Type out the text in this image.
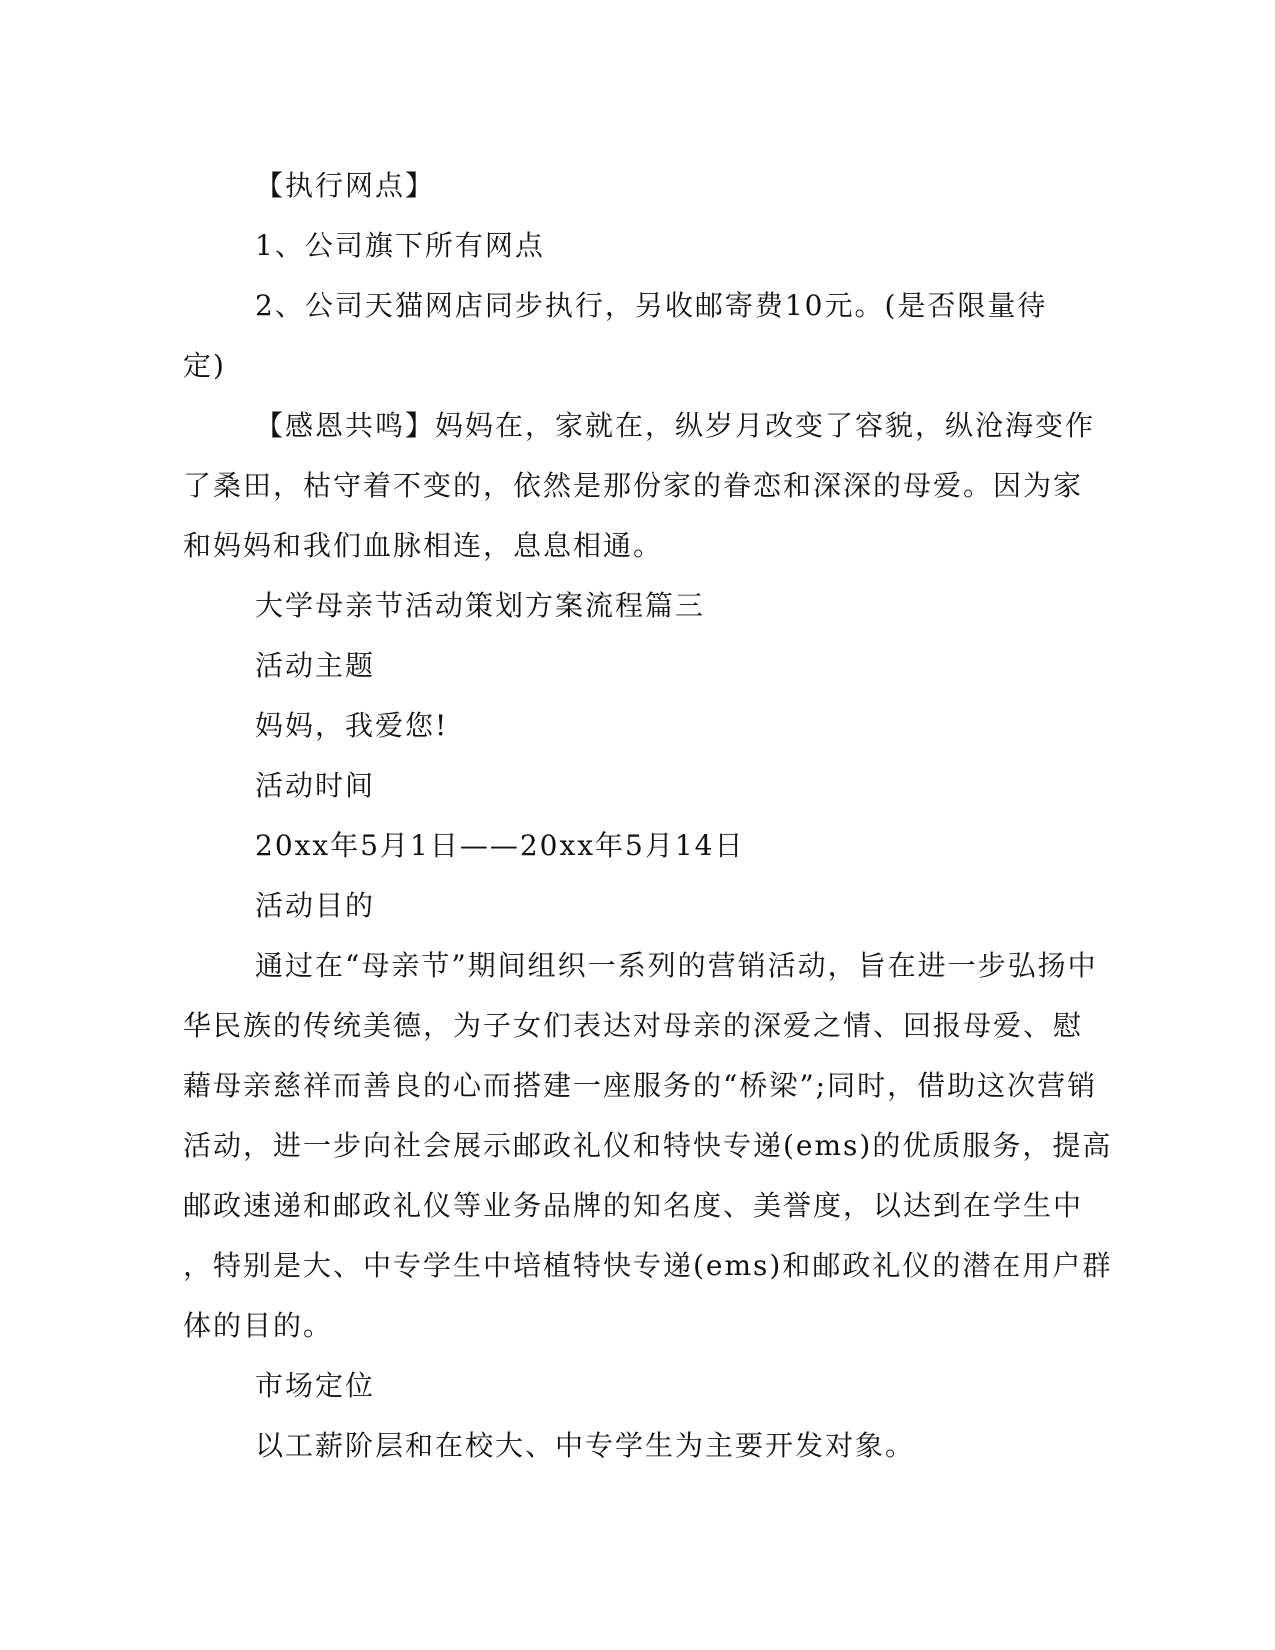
【执行网点】

1、公司旗下所有网点

2、公司天猫网店同步执行，另收邮寄费10元。(是否限量待定)

【感恩共鸣】妈妈在，家就在，纵岁月改变了容貌，纵沧海变作
了桑田，枯守着不变的，依然是那份家的眷恋和深深的母爱。因为家
和妈妈和我们血脉相连，息息相通。

大学母亲节活动策划方案流程篇三

活动主题

妈妈，我爱您!

活动时间

20xx年5月1日——20xx年5月14日

活动目的

通过在“母亲节”期间组织一系列的营销活动，旨在进一步弘扬中
华民族的传统美德，为子女们表达对母亲的深爱之情、回报母爱、慰
藉母亲慈祥而善良的心而搭建一座服务的“桥梁”;同时，借助这次营销
活动，进一步向社会展示邮政礼仪和特快专递(ems)的优质服务，提高
邮政速递和邮政礼仪等业务品牌的知名度、美誉度，以达到在学生中
，特别是大、中专学生中培植特快专递(ems)和邮政礼仪的潜在用户群
体的目的。

市场定位

以工薪阶层和在校大、中专学生为主要开发对象。
